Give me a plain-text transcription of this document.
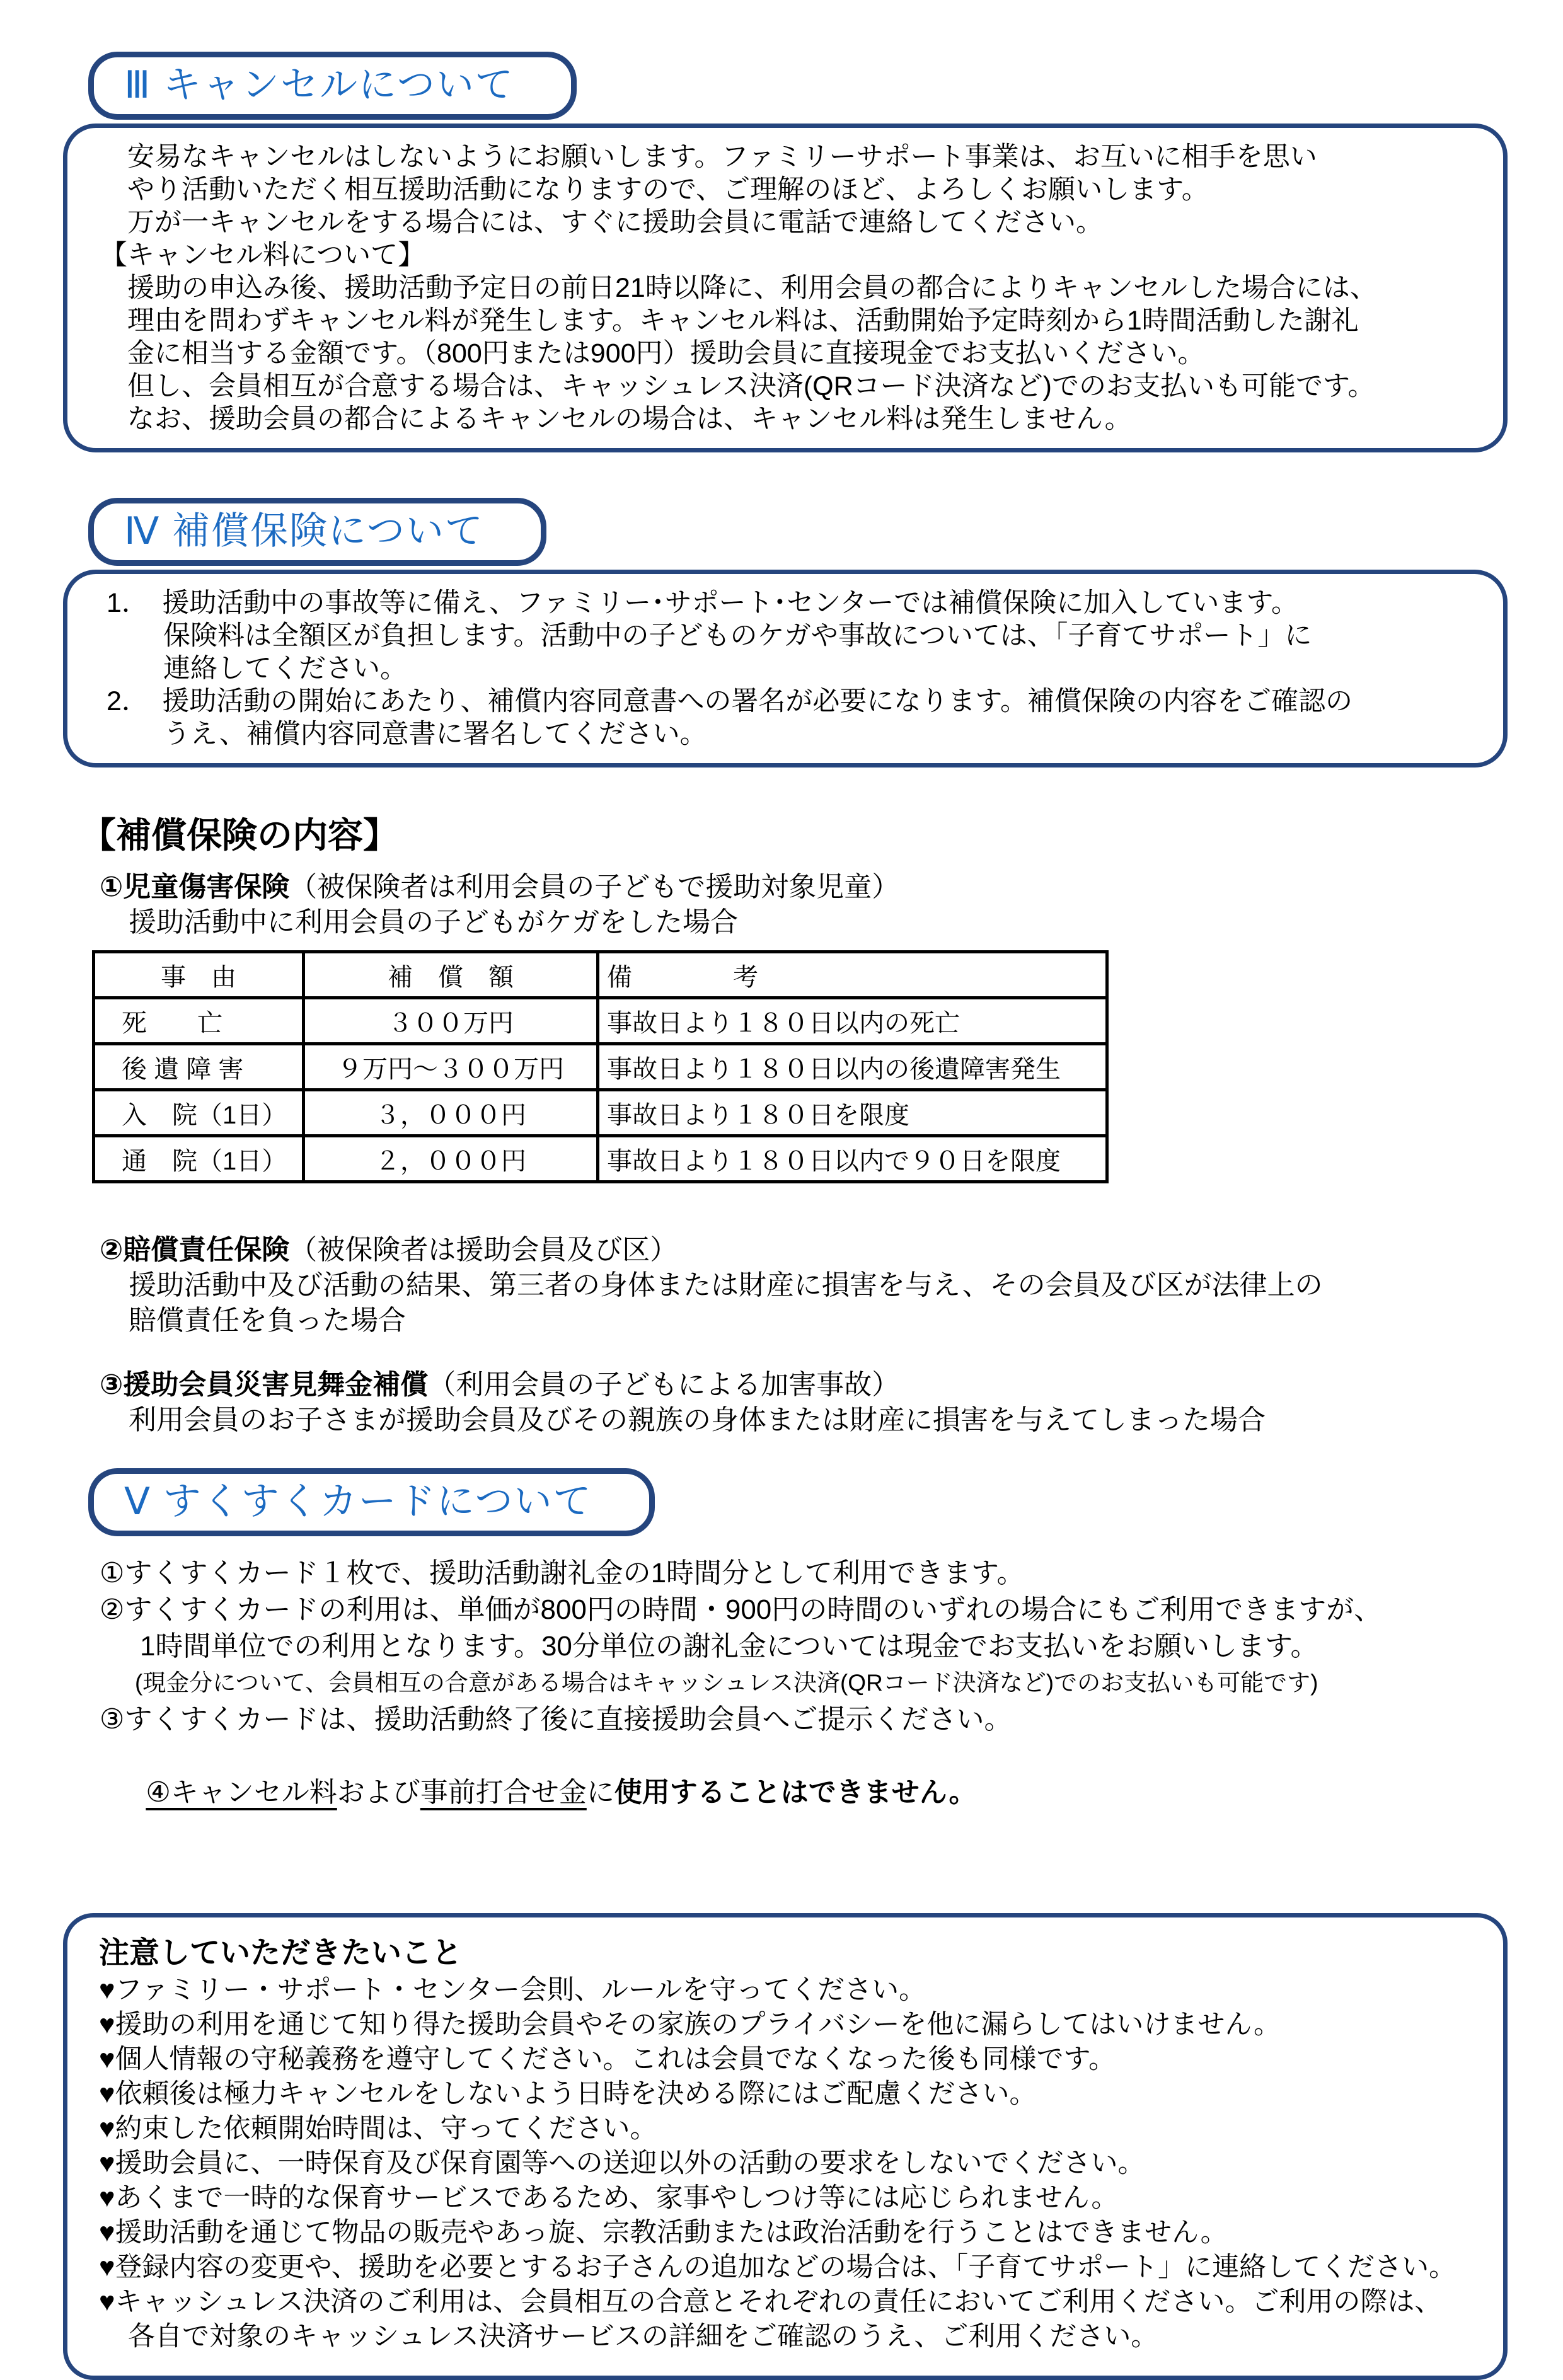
Ⅲ キャンセルについて
安易なキャンセルはしないようにお願いします。ファミリーサポート事業は、お互いに相手を思い
やり活動いただく相互援助活動になりますので、ご理解のほど、よろしくお願いします。
万が一キャンセルをする場合には、すぐに援助会員に電話で連絡してください。
【キャンセル料について】
援助の申込み後、援助活動予定日の前日21時以降に、利用会員の都合によりキャンセルした場合には、
理由を問わずキャンセル料が発生します。キャンセル料は、活動開始予定時刻から1時間活動した謝礼
金に相当する金額です。（800円または900円）援助会員に直接現金でお支払いください。
但し、会員相互が合意する場合は、キャッシュレス決済(QRコード決済など)でのお支払いも可能です。
なお、援助会員の都合によるキャンセルの場合は、キャンセル料は発生しません。
Ⅳ 補償保険について
1．　援助活動中の事故等に備え、ファミリー･サポート･センターでは補償保険に加入しています。
保険料は全額区が負担します。活動中の子どものケガや事故については、「子育てサポート」に
連絡してください。
2．　援助活動の開始にあたり、補償内容同意書への署名が必要になります。補償保険の内容をご確認の
うえ、補償内容同意書に署名してください。
【補償保険の内容】
①児童傷害保険（被保険者は利用会員の子どもで援助対象児童）
援助活動中に利用会員の子どもがケガをした場合
事　由	補　償　額	備　　　　考
死　　亡	３００万円	事故日より１８０日以内の死亡
後 遺 障 害	９万円～３００万円	事故日より１８０日以内の後遺障害発生
入　院（1日）	３，０００円	事故日より１８０日を限度
通　院（1日）	２，０００円	事故日より１８０日以内で９０日を限度
②賠償責任保険（被保険者は援助会員及び区）
援助活動中及び活動の結果、第三者の身体または財産に損害を与え、その会員及び区が法律上の
賠償責任を負った場合
③援助会員災害見舞金補償（利用会員の子どもによる加害事故）
利用会員のお子さまが援助会員及びその親族の身体または財産に損害を与えてしまった場合
Ⅴ すくすくカードについて
①すくすくカード１枚で、援助活動謝礼金の1時間分として利用できます。
②すくすくカードの利用は、単価が800円の時間・900円の時間のいずれの場合にもご利用できますが、
1時間単位での利用となります。30分単位の謝礼金については現金でお支払いをお願いします。
(現金分について、会員相互の合意がある場合はキャッシュレス決済(QRコード決済など)でのお支払いも可能です)
③すくすくカードは、援助活動終了後に直接援助会員へご提示ください。

④キャンセル料および事前打合せ金に使用することはできません。

注意していただきたいこと
♥ファミリー・サポート・センター会則、ルールを守ってください。
♥援助の利用を通じて知り得た援助会員やその家族のプライバシーを他に漏らしてはいけません。
♥個人情報の守秘義務を遵守してください。これは会員でなくなった後も同様です。
♥依頼後は極力キャンセルをしないよう日時を決める際にはご配慮ください。
♥約束した依頼開始時間は、守ってください。
♥援助会員に、一時保育及び保育園等への送迎以外の活動の要求をしないでください。
♥あくまで一時的な保育サービスであるため、家事やしつけ等には応じられません。
♥援助活動を通じて物品の販売やあっ旋、宗教活動または政治活動を行うことはできません。
♥登録内容の変更や、援助を必要とするお子さんの追加などの場合は、「子育てサポート」に連絡してください。
♥キャッシュレス決済のご利用は、会員相互の合意とそれぞれの責任においてご利用ください。ご利用の際は、
各自で対象のキャッシュレス決済サービスの詳細をご確認のうえ、ご利用ください。
